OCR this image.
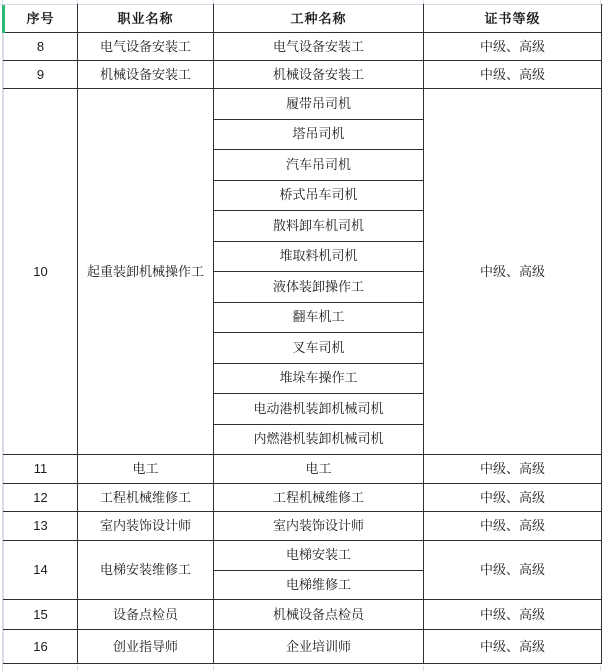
序号	职业名称	工种名称	证书等级
8	电气设备安装工	电气设备安装工	中级、高级
9	机械设备安装工	机械设备安装工	中级、高级
10	起重装卸机械操作工	履带吊司机	中级、高级
		塔吊司机	
		汽车吊司机	
		桥式吊车司机	
		散料卸车机司机	
		堆取料机司机	
		液体装卸操作工	
		翻车机工	
		叉车司机	
		堆垛车操作工	
		电动港机装卸机械司机	
		内燃港机装卸机械司机	
11	电工	电工	中级、高级
12	工程机械维修工	工程机械维修工	中级、高级
13	室内装饰设计师	室内装饰设计师	中级、高级
14	电梯安装维修工	电梯安装工	中级、高级
		电梯维修工	
15	设备点检员	机械设备点检员	中级、高级
16	创业指导师	企业培训师	中级、高级
